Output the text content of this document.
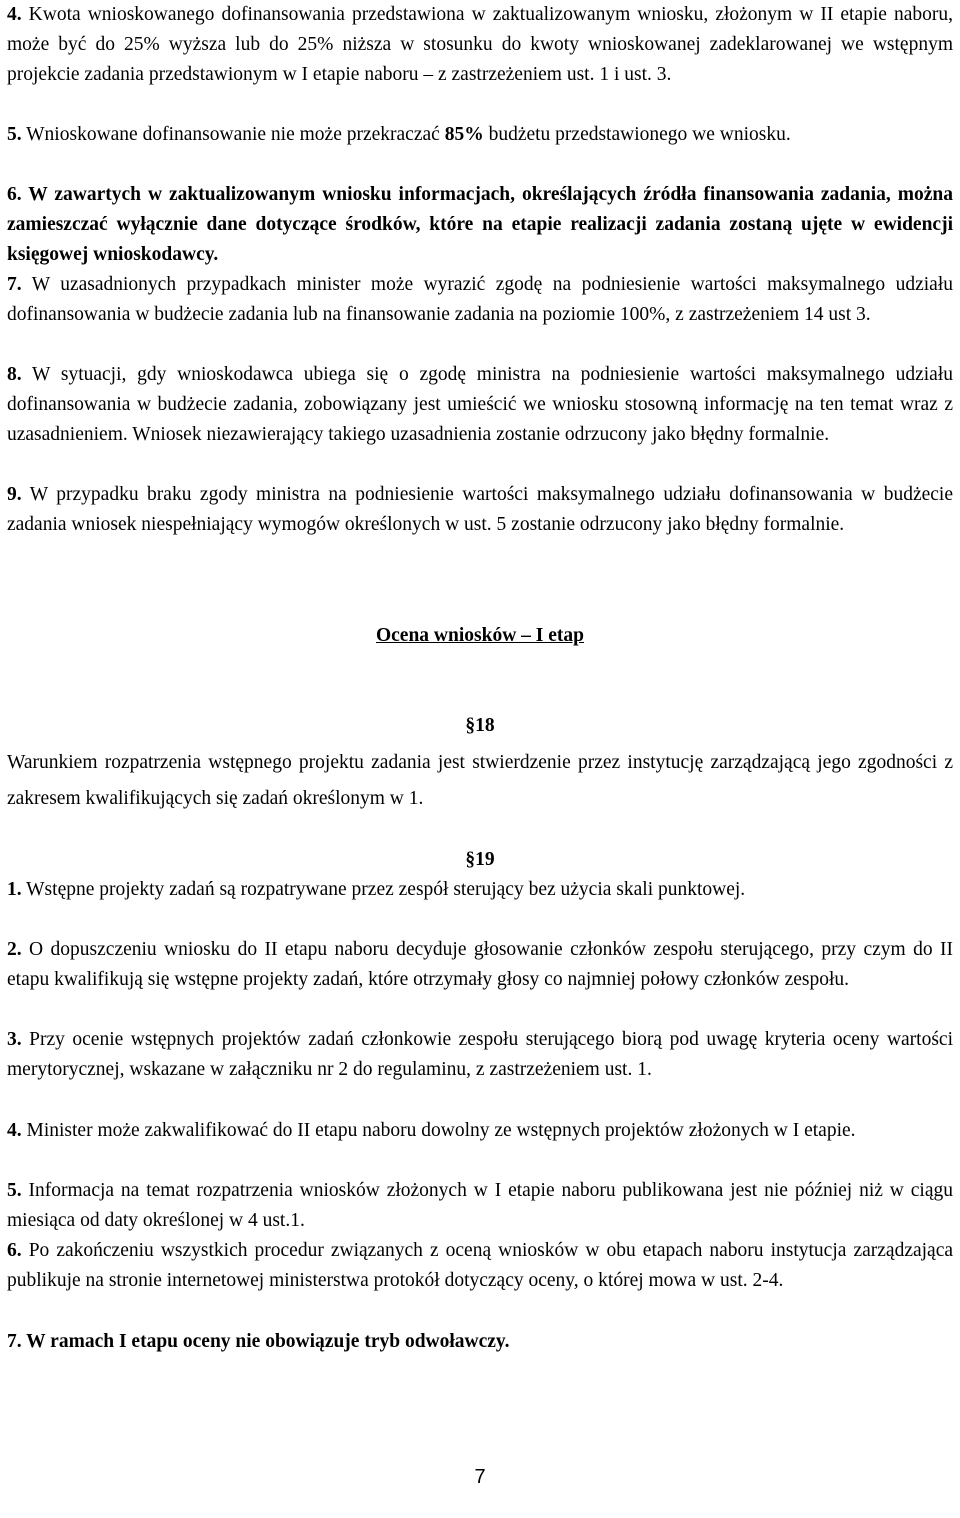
4. Kwota wnioskowanego dofinansowania przedstawiona w zaktualizowanym wniosku, złożonym w II etapie naboru, może być do 25% wyższa lub do 25% niższa w stosunku do kwoty wnioskowanej zadeklarowanej we wstępnym projekcie zadania przedstawionym w I etapie naboru – z zastrzeżeniem ust. 1 i ust. 3.

5. Wnioskowane dofinansowanie nie może przekraczać 85% budżetu przedstawionego we wniosku.

6. W zawartych w zaktualizowanym wniosku informacjach, określających źródła finansowania zadania, można zamieszczać wyłącznie dane dotyczące środków, które na etapie realizacji zadania zostaną ujęte w ewidencji księgowej wnioskodawcy.

7. W uzasadnionych przypadkach minister może wyrazić zgodę na podniesienie wartości maksymalnego udziału dofinansowania w budżecie zadania lub na finansowanie zadania na poziomie 100%, z zastrzeżeniem 14 ust 3.

8. W sytuacji, gdy wnioskodawca ubiega się o zgodę ministra na podniesienie wartości maksymalnego udziału dofinansowania w budżecie zadania, zobowiązany jest umieścić we wniosku stosowną informację na ten temat wraz z uzasadnieniem. Wniosek niezawierający takiego uzasadnienia zostanie odrzucony jako błędny formalnie.

9. W przypadku braku zgody ministra na podniesienie wartości maksymalnego udziału dofinansowania w budżecie zadania wniosek niespełniający wymogów określonych w ust. 5 zostanie odrzucony jako błędny formalnie.

Ocena wniosków – I etap

§18

Warunkiem rozpatrzenia wstępnego projektu zadania jest stwierdzenie przez instytucję zarządzającą jego zgodności z zakresem kwalifikujących się zadań określonym w 1.

§19

1. Wstępne projekty zadań są rozpatrywane przez zespół sterujący bez użycia skali punktowej.

2. O dopuszczeniu wniosku do II etapu naboru decyduje głosowanie członków zespołu sterującego, przy czym do II etapu kwalifikują się wstępne projekty zadań, które otrzymały głosy co najmniej połowy członków zespołu.

3. Przy ocenie wstępnych projektów zadań członkowie zespołu sterującego biorą pod uwagę kryteria oceny wartości merytorycznej, wskazane w załączniku nr 2 do regulaminu, z zastrzeżeniem ust. 1.

4. Minister może zakwalifikować do II etapu naboru dowolny ze wstępnych projektów złożonych w I etapie.

5. Informacja na temat rozpatrzenia wniosków złożonych w I etapie naboru publikowana jest nie później niż w ciągu miesiąca od daty określonej w 4 ust.1.

6. Po zakończeniu wszystkich procedur związanych z oceną wniosków w obu etapach naboru instytucja zarządzająca publikuje na stronie internetowej ministerstwa protokół dotyczący oceny, o której mowa w ust. 2-4.

7. W ramach I etapu oceny nie obowiązuje tryb odwoławczy.

7
